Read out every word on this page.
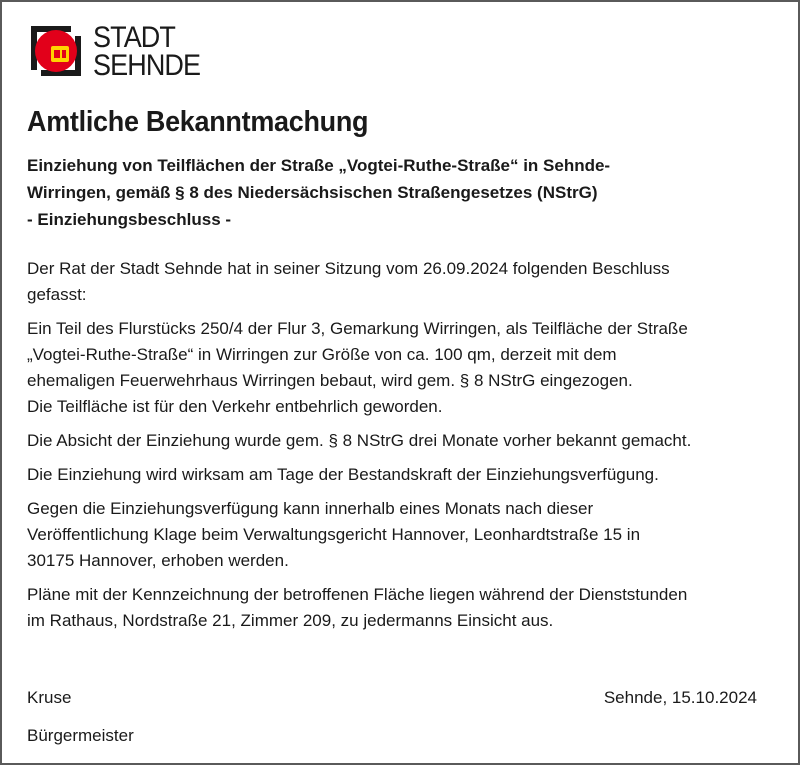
STADT
SEHNDE
Amtliche Bekanntmachung
Einziehung von Teilflächen der Straße „Vogtei-Ruthe-Straße“ in Sehnde-
Wirringen, gemäß § 8 des Niedersächsischen Straßengesetzes (NStrG)
- Einziehungsbeschluss -

Der Rat der Stadt Sehnde hat in seiner Sitzung vom 26.09.2024 folgenden Beschluss
gefasst:

Ein Teil des Flurstücks 250/4 der Flur 3, Gemarkung Wirringen, als Teilfläche der Straße
„Vogtei-Ruthe-Straße“ in Wirringen zur Größe von ca. 100 qm, derzeit mit dem
ehemaligen Feuerwehrhaus Wirringen bebaut, wird gem. § 8 NStrG eingezogen.
Die Teilfläche ist für den Verkehr entbehrlich geworden.

Die Absicht der Einziehung wurde gem. § 8 NStrG drei Monate vorher bekannt gemacht.

Die Einziehung wird wirksam am Tage der Bestandskraft der Einziehungsverfügung.

Gegen die Einziehungsverfügung kann innerhalb eines Monats nach dieser
Veröffentlichung Klage beim Verwaltungsgericht Hannover, Leonhardtstraße 15 in
30175 Hannover, erhoben werden.

Pläne mit der Kennzeichnung der betroffenen Fläche liegen während der Dienststunden
im Rathaus, Nordstraße 21, Zimmer 209, zu jedermanns Einsicht aus.

Kruse	Sehnde, 15.10.2024
Bürgermeister
